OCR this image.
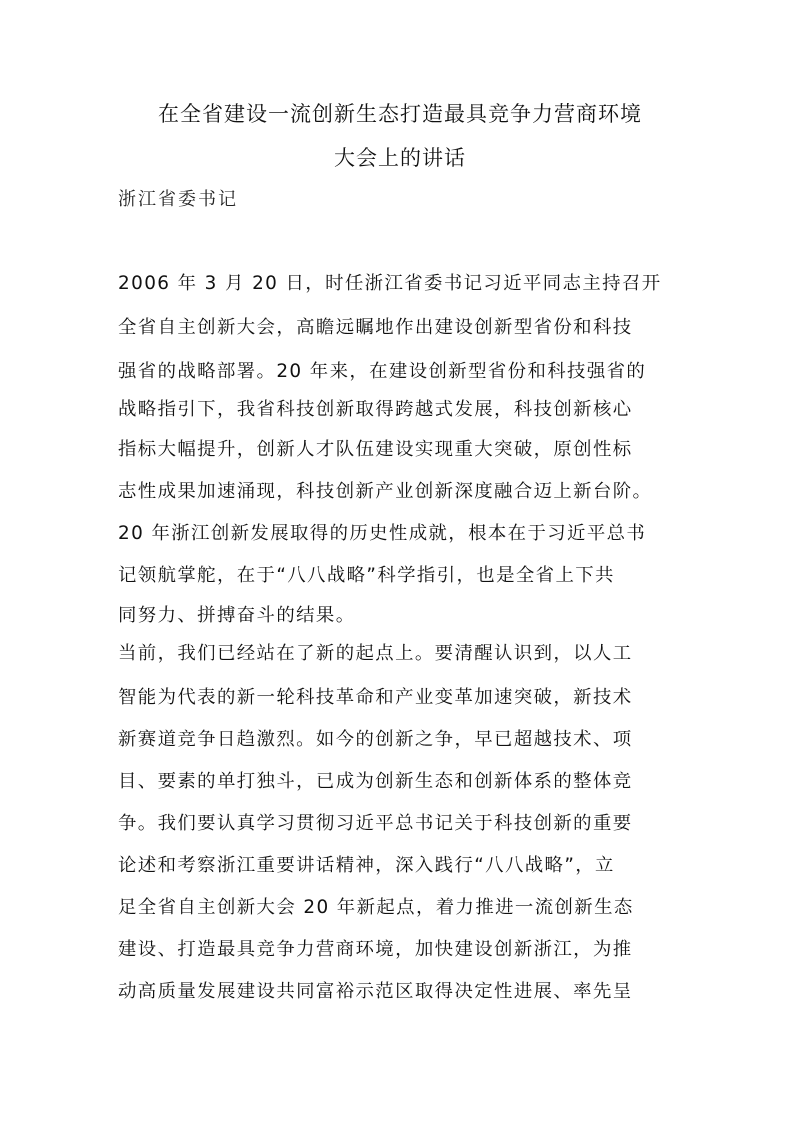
在全省建设一流创新生态打造最具竞争力营商环境
大会上的讲话
浙江省委书记
2006 年 3 月 20 日，时任浙江省委书记习近平同志主持召开
全省自主创新大会，高瞻远瞩地作出建设创新型省份和科技
强省的战略部署。20 年来，在建设创新型省份和科技强省的
战略指引下，我省科技创新取得跨越式发展，科技创新核心
指标大幅提升，创新人才队伍建设实现重大突破，原创性标
志性成果加速涌现，科技创新产业创新深度融合迈上新台阶。
20 年浙江创新发展取得的历史性成就，根本在于习近平总书
记领航掌舵，在于“八八战略”科学指引，也是全省上下共
同努力、拼搏奋斗的结果。
当前，我们已经站在了新的起点上。要清醒认识到，以人工
智能为代表的新一轮科技革命和产业变革加速突破，新技术
新赛道竞争日趋激烈。如今的创新之争，早已超越技术、项
目、要素的单打独斗，已成为创新生态和创新体系的整体竞
争。我们要认真学习贯彻习近平总书记关于科技创新的重要
论述和考察浙江重要讲话精神，深入践行“八八战略”，立
足全省自主创新大会 20 年新起点，着力推进一流创新生态
建设、打造最具竞争力营商环境，加快建设创新浙江，为推
动高质量发展建设共同富裕示范区取得决定性进展、率先呈
